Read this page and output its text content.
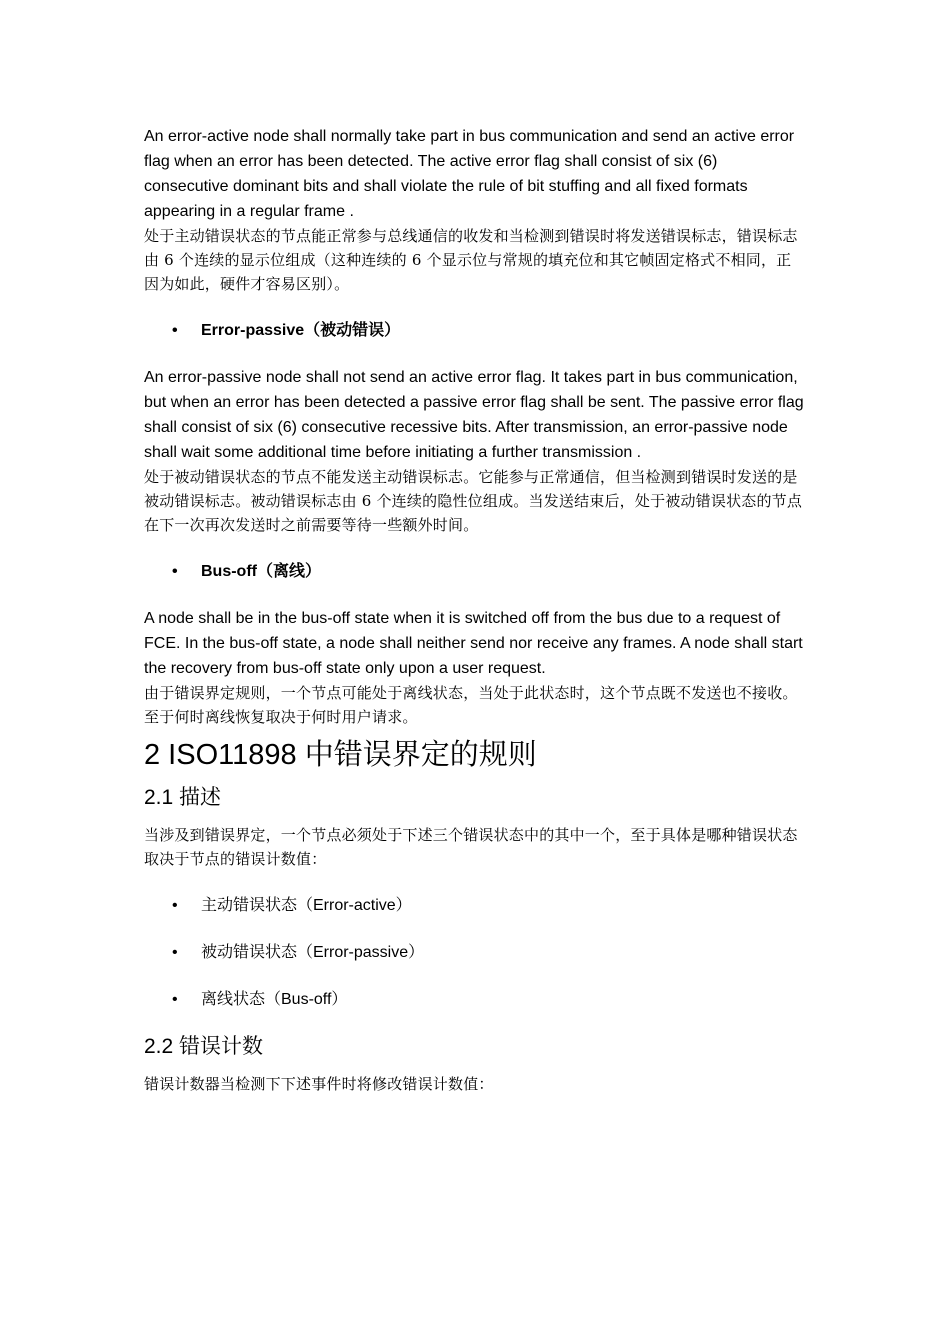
An error-active node shall normally take part in bus communication and send an active error flag when an error has been detected. The active error flag shall consist of six (6) consecutive dominant bits and shall violate the rule of bit stuffing and all fixed formats appearing in a regular frame .

处于主动错误状态的节点能正常参与总线通信的收发和当检测到错误时将发送错误标志，错误标志由 6 个连续的显示位组成（这种连续的 6 个显示位与常规的填充位和其它帧固定格式不相同，正因为如此，硬件才容易区别）。

• Error-passive（被动错误）

An error-passive node shall not send an active error flag. It takes part in bus communication, but when an error has been detected a passive error flag shall be sent. The passive error flag shall consist of six (6) consecutive recessive bits. After transmission, an error-passive node shall wait some additional time before initiating a further transmission .

处于被动错误状态的节点不能发送主动错误标志。它能参与正常通信，但当检测到错误时发送的是被动错误标志。被动错误标志由 6 个连续的隐性位组成。当发送结束后，处于被动错误状态的节点在下一次再次发送时之前需要等待一些额外时间。

• Bus-off（离线）

A node shall be in the bus-off state when it is switched off from the bus due to a request of FCE. In the bus-off state, a node shall neither send nor receive any frames. A node shall start the recovery from bus-off state only upon a user request.

由于错误界定规则，一个节点可能处于离线状态，当处于此状态时，这个节点既不发送也不接收。至于何时离线恢复取决于何时用户请求。

2 ISO11898 中错误界定的规则
2.1 描述

当涉及到错误界定，一个节点必须处于下述三个错误状态中的其中一个，至于具体是哪种错误状态取决于节点的错误计数值：

• 主动错误状态（Error-active）

• 被动错误状态（Error-passive）

• 离线状态（Bus-off）

2.2 错误计数

错误计数器当检测下下述事件时将修改错误计数值：
